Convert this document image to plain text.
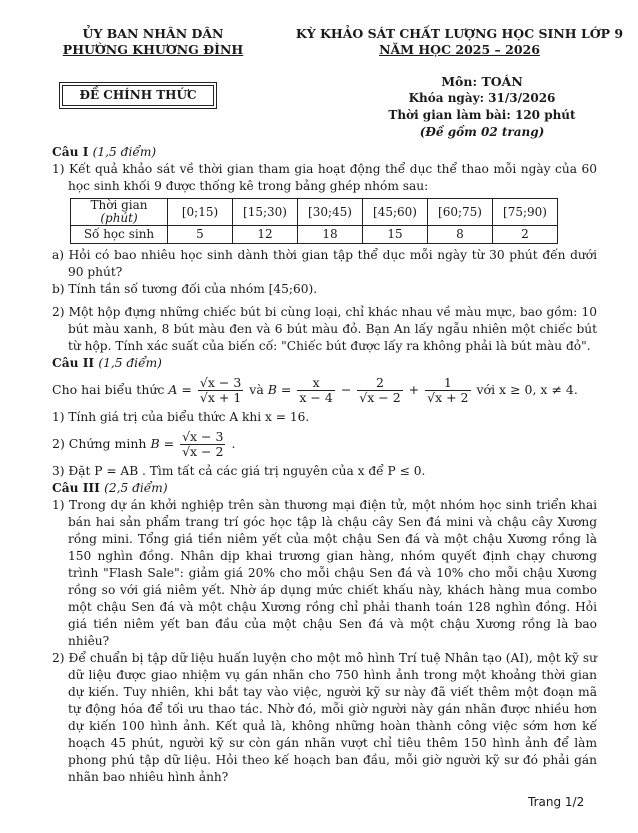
ỦY BAN NHÂN DÂN
PHƯỜNG KHƯƠNG ĐÌNH
KỲ KHẢO SÁT CHẤT LƯỢNG HỌC SINH LỚP 9
NĂM HỌC 2025 – 2026
ĐỀ CHÍNH THỨC
Môn: TOÁN
Khóa ngày: 31/3/2026
Thời gian làm bài: 120 phút
(Đề gồm 02 trang)

Câu I (1,5 điểm)

1) Kết quả khảo sát về thời gian tham gia hoạt động thể dục thể thao mỗi ngày của 60 học sinh khối 9 được thống kê trong bảng ghép nhóm sau:

Thời gian
(phút)	[0;15)	[15;30)	[30;45)	[45;60)	[60;75)	[75;90)
Số học sinh	5	12	18	15	8	2

a) Hỏi có bao nhiêu học sinh dành thời gian tập thể dục mỗi ngày từ 30 phút đến dưới 90 phút?

b) Tính tần số tương đối của nhóm [45;60).

2) Một hộp đựng những chiếc bút bi cùng loại, chỉ khác nhau về màu mực, bao gồm: 10 bút màu xanh, 8 bút màu đen và 6 bút màu đỏ. Bạn An lấy ngẫu nhiên một chiếc bút từ hộp. Tính xác suất của biến cố: "Chiếc bút được lấy ra không phải là bút màu đỏ".

Câu II (1,5 điểm)

Cho hai biểu thức $A = \frac{√x - 3}{√x + 1}$ và $B = \frac{x}{x - 4} - \frac{2}{√x - 2} + \frac{1}{√x + 2}$ với x ≥ 0, x ≠ 4.

1) Tính giá trị của biểu thức A khi x = 16.

2) Chứng minh $B = \frac{√x - 3}{√x - 2}$ .

3) Đặt P = AB . Tìm tất cả các giá trị nguyên của x để P ≤ 0.

Câu III (2,5 điểm)

1) Trong dự án khởi nghiệp trên sàn thương mại điện tử, một nhóm học sinh triển khai bán hai sản phẩm trang trí góc học tập là chậu cây Sen đá mini và chậu cây Xương rồng mini. Tổng giá tiền niêm yết của một chậu Sen đá và một chậu Xương rồng là 150 nghìn đồng. Nhân dịp khai trương gian hàng, nhóm quyết định chạy chương trình "Flash Sale": giảm giá 20% cho mỗi chậu Sen đá và 10% cho mỗi chậu Xương rồng so với giá niêm yết. Nhờ áp dụng mức chiết khấu này, khách hàng mua combo một chậu Sen đá và một chậu Xương rồng chỉ phải thanh toán 128 nghìn đồng. Hỏi giá tiền niêm yết ban đầu của một chậu Sen đá và một chậu Xương rồng là bao nhiêu?

2) Để chuẩn bị tập dữ liệu huấn luyện cho một mô hình Trí tuệ Nhân tạo (AI), một kỹ sư dữ liệu được giao nhiệm vụ gán nhãn cho 750 hình ảnh trong một khoảng thời gian dự kiến. Tuy nhiên, khi bắt tay vào việc, người kỹ sư này đã viết thêm một đoạn mã tự động hóa để tối ưu thao tác. Nhờ đó, mỗi giờ người này gán nhãn được nhiều hơn dự kiến 100 hình ảnh. Kết quả là, không những hoàn thành công việc sớm hơn kế hoạch 45 phút, người kỹ sư còn gán nhãn vượt chỉ tiêu thêm 150 hình ảnh để làm phong phú tập dữ liệu. Hỏi theo kế hoạch ban đầu, mỗi giờ người kỹ sư đó phải gán nhãn bao nhiêu hình ảnh?

Trang 1/2
